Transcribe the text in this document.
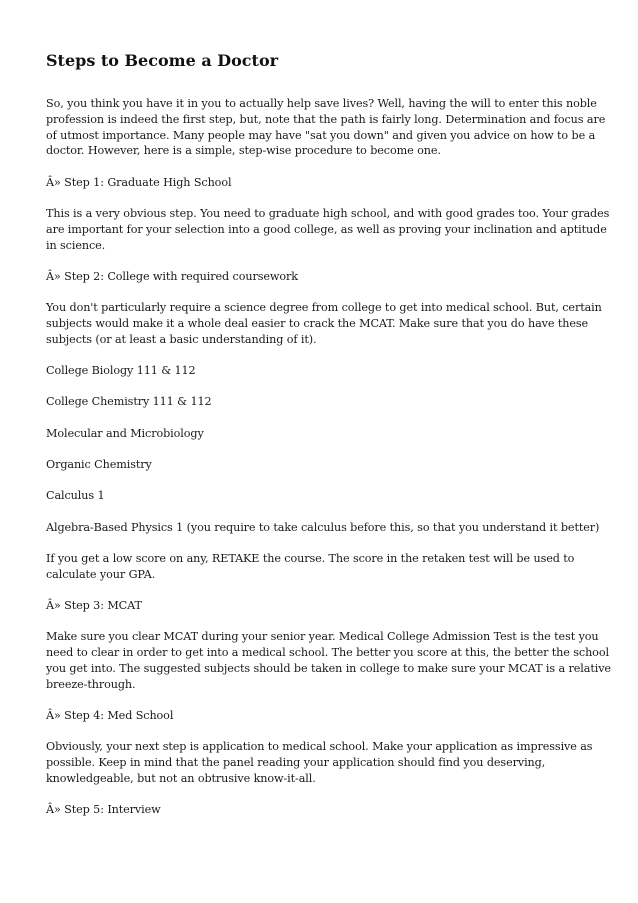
Steps to Become a Doctor

So, you think you have it in you to actually help save lives? Well, having the will to enter this noble
profession is indeed the first step, but, note that the path is fairly long. Determination and focus are
of utmost importance. Many people may have "sat you down" and given you advice on how to be a
doctor. However, here is a simple, step-wise procedure to become one.

Â» Step 1: Graduate High School

This is a very obvious step. You need to graduate high school, and with good grades too. Your grades
are important for your selection into a good college, as well as proving your inclination and aptitude
in science.

Â» Step 2: College with required coursework

You don't particularly require a science degree from college to get into medical school. But, certain
subjects would make it a whole deal easier to crack the MCAT. Make sure that you do have these
subjects (or at least a basic understanding of it).

College Biology 111 & 112

College Chemistry 111 & 112

Molecular and Microbiology

Organic Chemistry

Calculus 1

Algebra-Based Physics 1 (you require to take calculus before this, so that you understand it better)

If you get a low score on any, RETAKE the course. The score in the retaken test will be used to
calculate your GPA.

Â» Step 3: MCAT

Make sure you clear MCAT during your senior year. Medical College Admission Test is the test you
need to clear in order to get into a medical school. The better you score at this, the better the school
you get into. The suggested subjects should be taken in college to make sure your MCAT is a relative
breeze-through.

Â» Step 4: Med School

Obviously, your next step is application to medical school. Make your application as impressive as
possible. Keep in mind that the panel reading your application should find you deserving,
knowledgeable, but not an obtrusive know-it-all.

Â» Step 5: Interview
